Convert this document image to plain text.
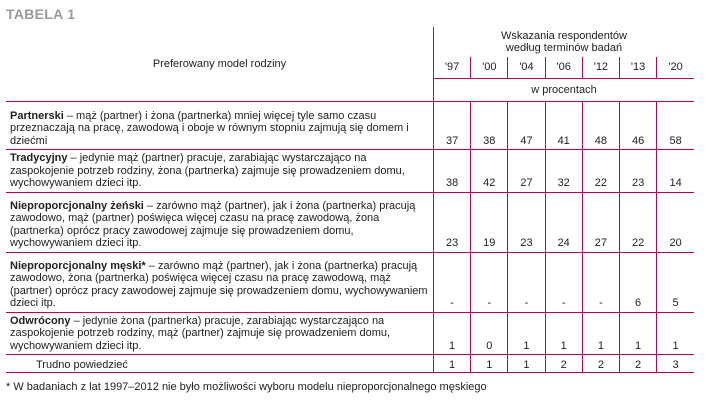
TABELA 1
Preferowany model rodziny	Wskazania respondentów
według terminów badań						
	'97	'00	'04	'06	'12	'13	'20
	w procentach						
Partnerski – mąż (partner) i żona (partnerka) mniej więcej tyle samo czasu przeznaczają na pracę, zawodową i oboje w równym stopniu zajmują się domem i dziećmi	37	38	47	41	48	46	58
Tradycyjny – jedynie mąż (partner) pracuje, zarabiając wystarczająco na zaspokojenie potrzeb rodziny, żona (partnerka) zajmuje się prowadzeniem domu, wychowywaniem dzieci itp.	38	42	27	32	22	23	14
Nieproporcjonalny żeński – zarówno mąż (partner), jak i żona (partnerka) pracują zawodowo, mąż (partner) poświęca więcej czasu na pracę zawodową, żona (partnerka) oprócz pracy zawodowej zajmuje się prowadzeniem domu, wychowywaniem dzieci itp.	23	19	23	24	27	22	20
Nieproporcjonalny męski* – zarówno mąż (partner), jak i żona (partnerka) pracują zawodowo, żona (partnerka) poświęca więcej czasu na pracę zawodową, mąż (partner) oprócz pracy zawodowej zajmuje się prowadzeniem domu, wychowywaniem dzieci itp.	-	-	-	-	-	6	5
Odwrócony – jedynie żona (partnerka) pracuje, zarabiając wystarczająco na zaspokojenie potrzeb rodziny, mąż (partner) zajmuje się prowadzeniem domu, wychowywaniem dzieci itp.	1	0	1	1	1	1	1
Trudno powiedzieć	1	1	1	2	2	2	3
* W badaniach z lat 1997–2012 nie było możliwości wyboru modelu nieproporcjonalnego męskiego
